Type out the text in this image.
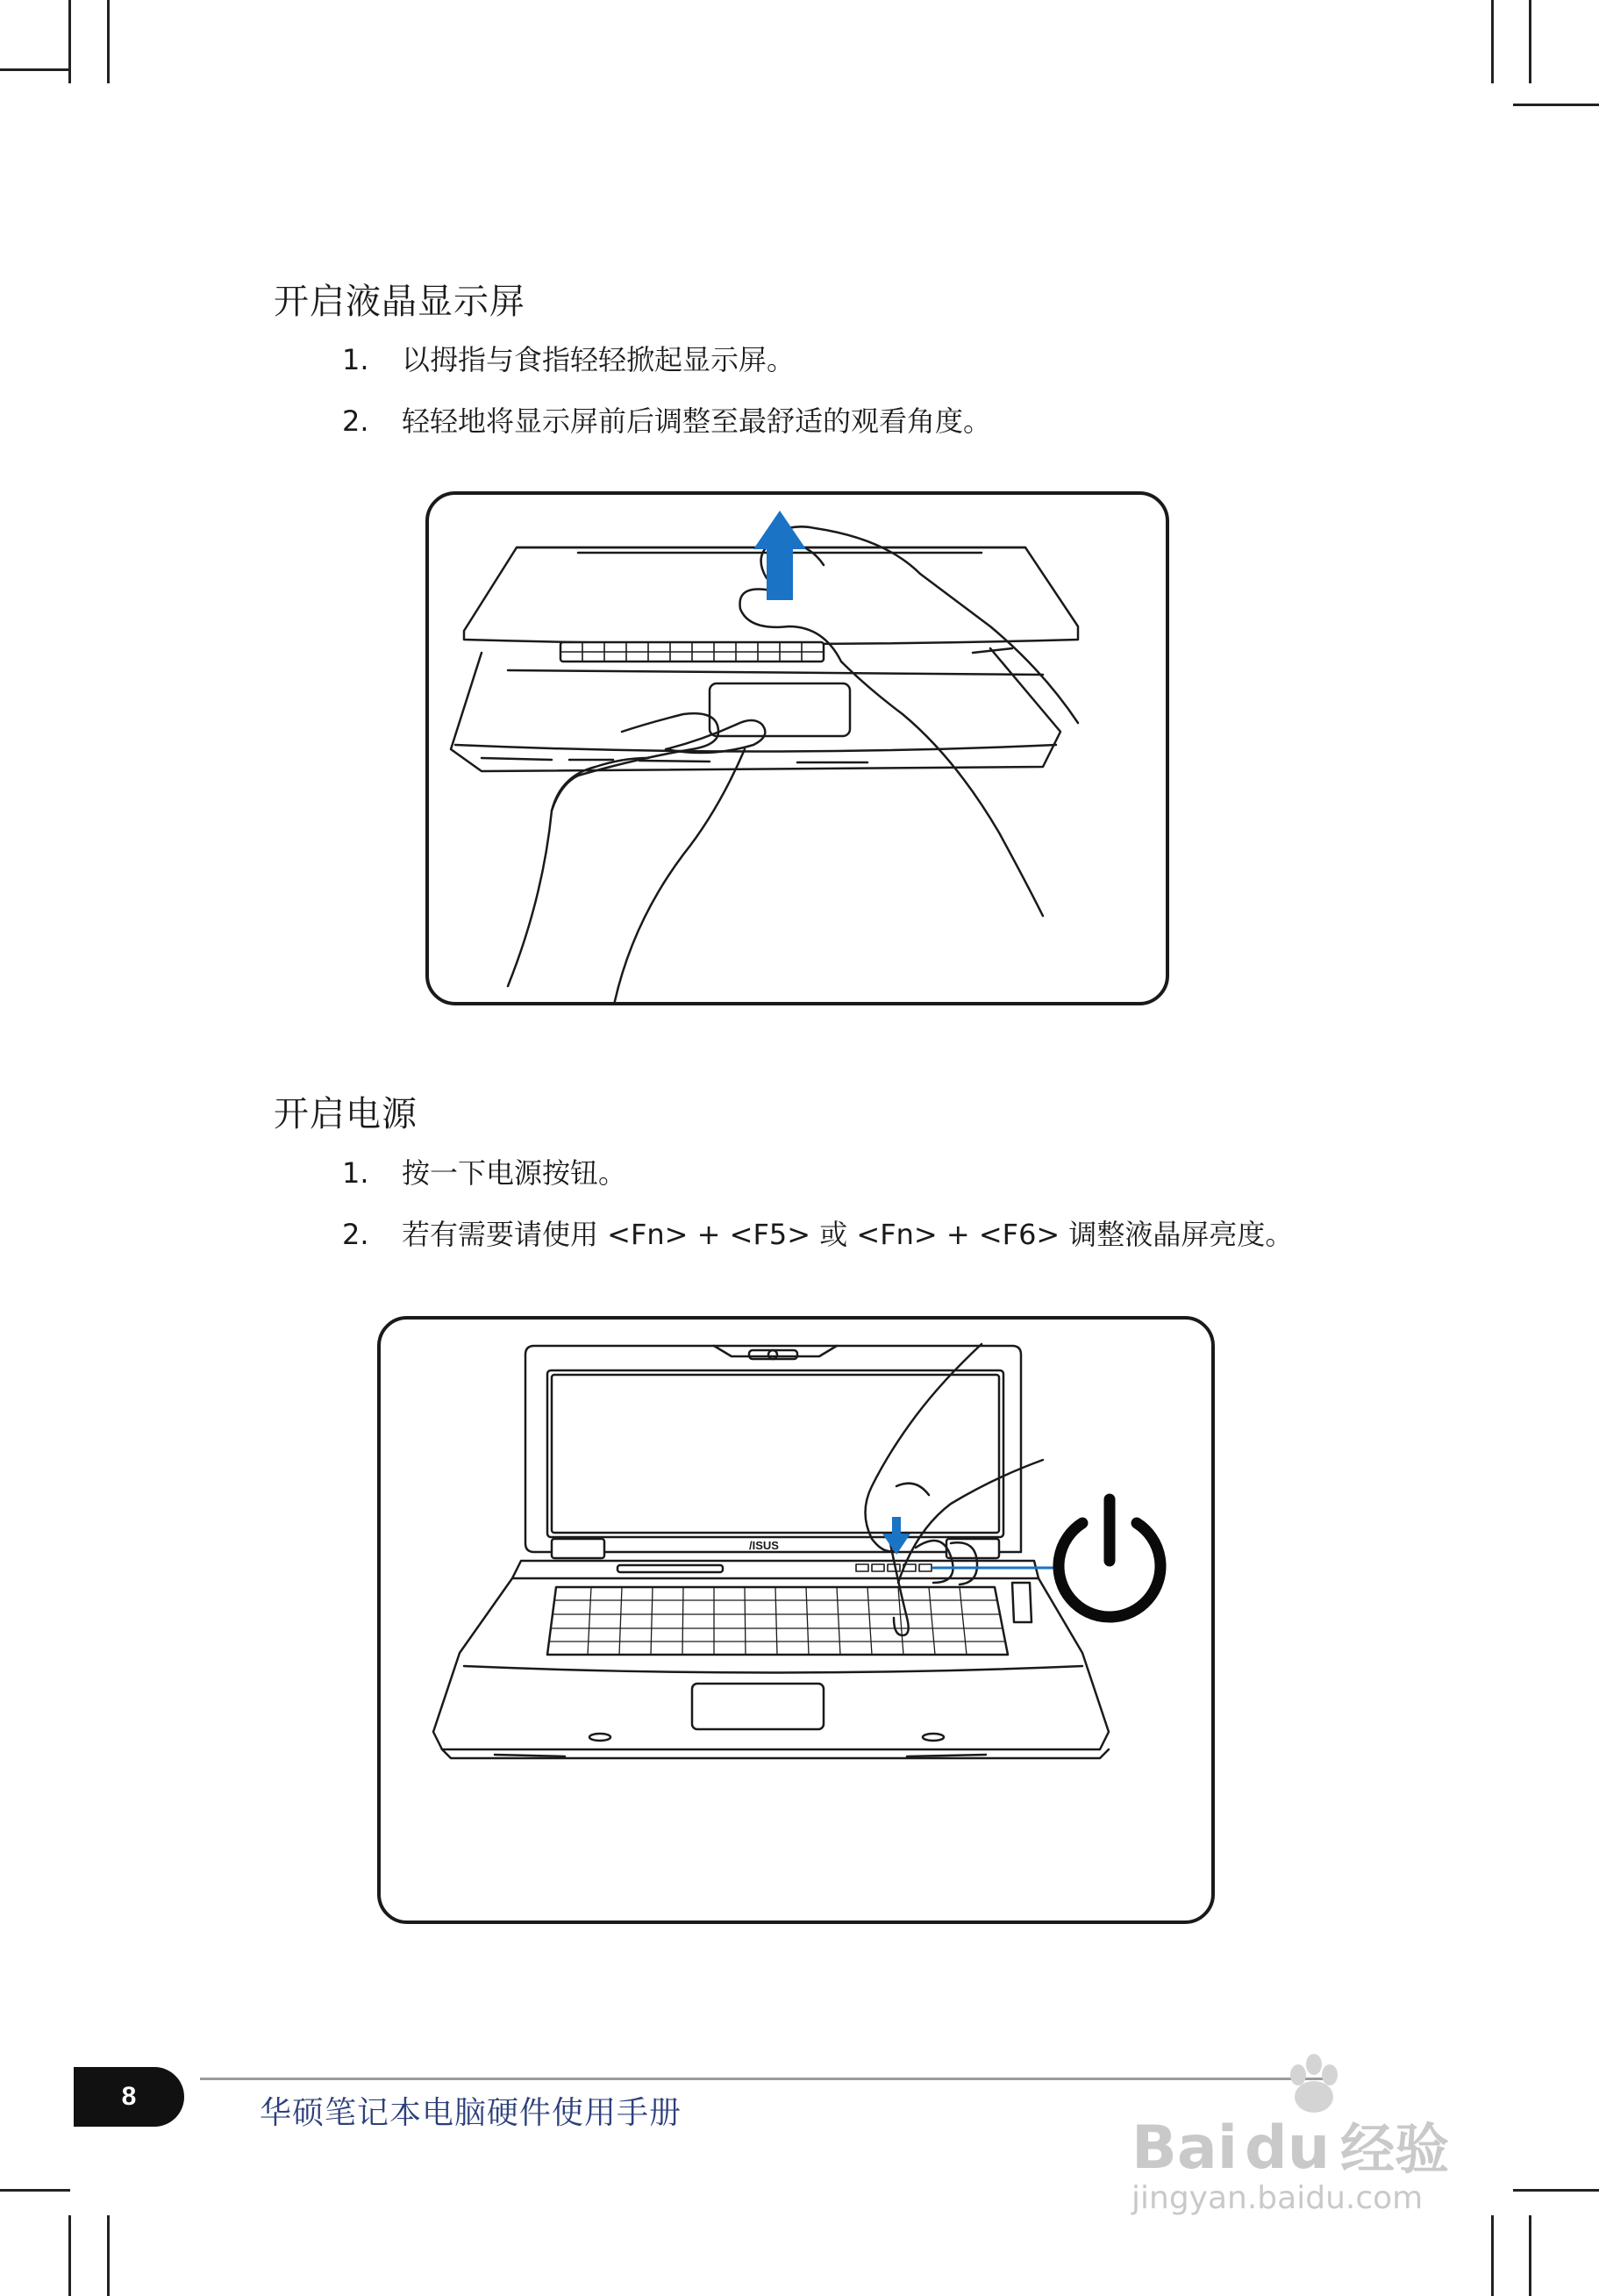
开启液晶显示屏
1. 以拇指与食指轻轻掀起显示屏。
2. 轻轻地将显示屏前后调整至最舒适的观看角度。
开启电源
1. 按一下电源按钮。
2. 若有需要请使用 <Fn> + <F5> 或 <Fn> + <F6> 调整液晶屏亮度。
/ISUS
8	华硕笔记本电脑硬件使用手册
Bai du 经验
jingyan.baidu.com
